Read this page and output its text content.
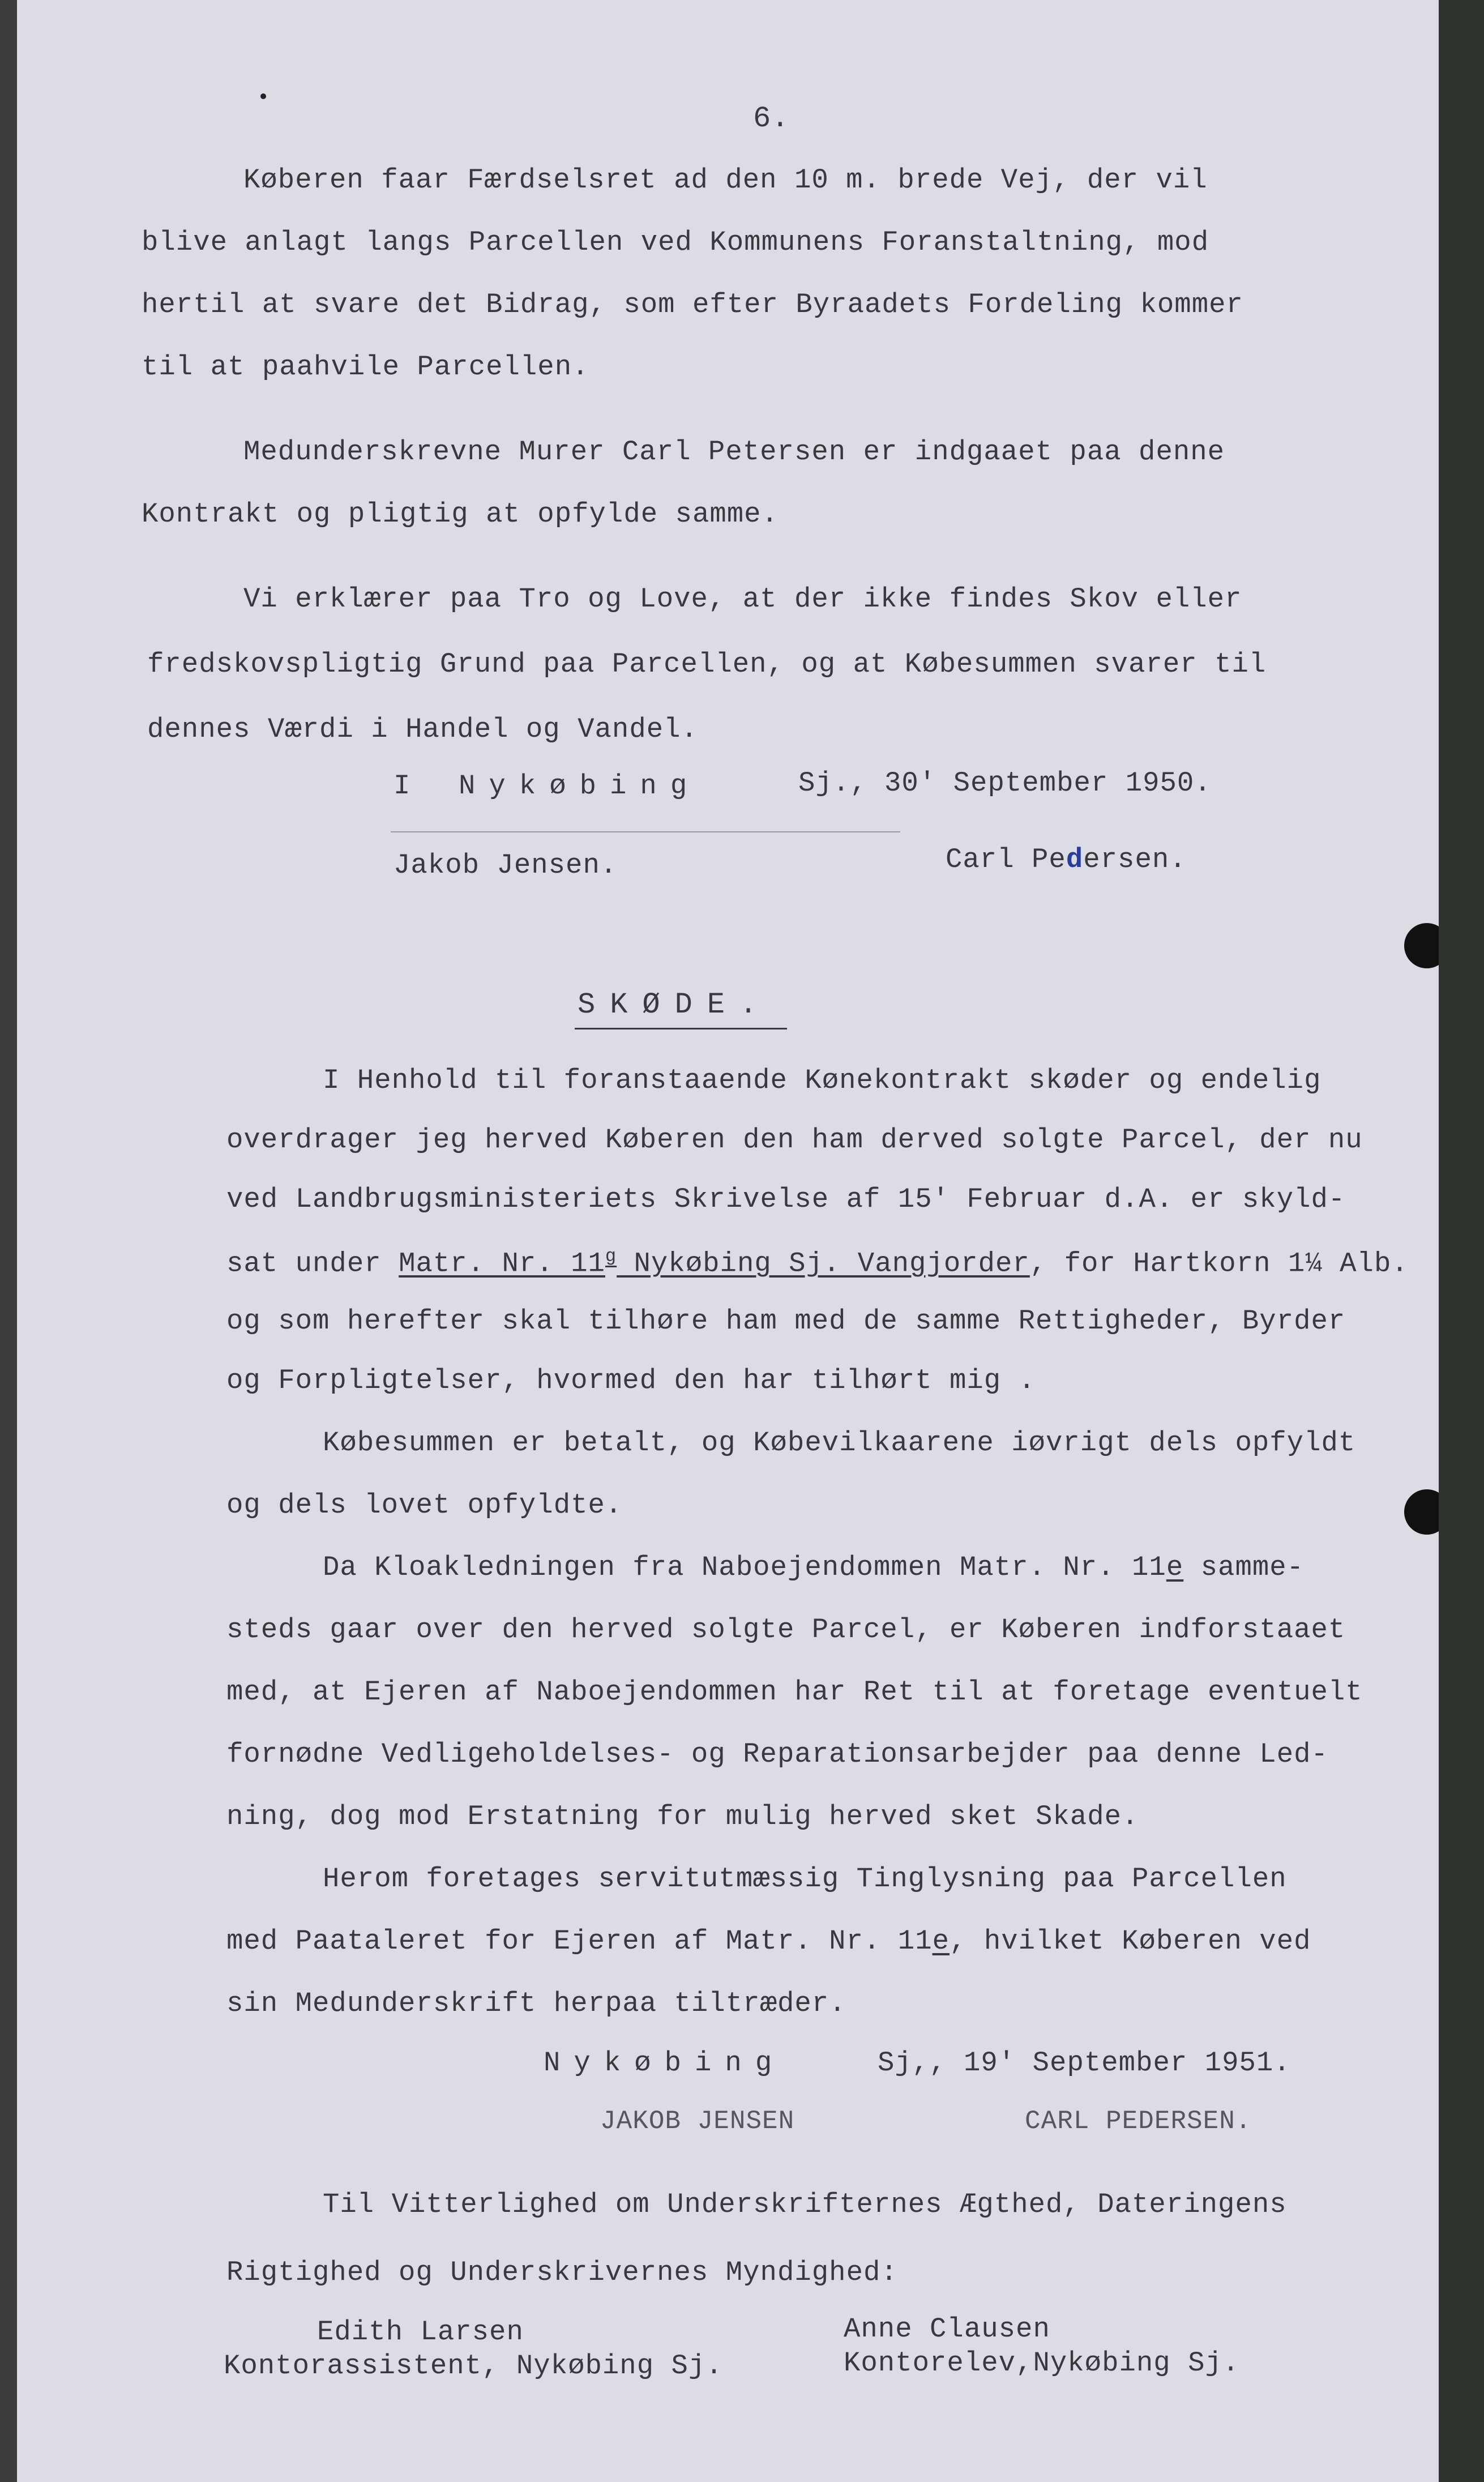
6.
Køberen faar Færdselsret ad den 10 m. brede Vej, der vil
blive anlagt langs Parcellen ved Kommunens Foranstaltning, mod
hertil at svare det Bidrag, som efter Byraadets Fordeling kommer
til at paahvile Parcellen.
Medunderskrevne Murer Carl Petersen er indgaaet paa denne
Kontrakt og pligtig at opfylde samme.
Vi erklærer paa Tro og Love, at der ikke findes Skov eller
fredskovspligtig Grund paa Parcellen, og at Købesummen svarer til
dennes Værdi i Handel og Vandel.
I Nykøbing	Sj., 30' September 1950.
Jakob Jensen.	Carl Pedersen.
SKØDE.
I Henhold til foranstaaende Kønekontrakt skøder og endelig
overdrager jeg herved Køberen den ham derved solgte Parcel, der nu
ved Landbrugsministeriets Skrivelse af 15' Februar d.A. er skyld-
sat under Matr. Nr. 11$^g$ Nykøbing Sj. Vangjorder, for Hartkorn 1¼ Alb.
og som herefter skal tilhøre ham med de samme Rettigheder, Byrder
og Forpligtelser, hvormed den har tilhørt mig .
Købesummen er betalt, og Købevilkaarene iøvrigt dels opfyldt
og dels lovet opfyldte.
Da Kloakledningen fra Naboejendommen Matr. Nr. 11e samme-
steds gaar over den herved solgte Parcel, er Køberen indforstaaet
med, at Ejeren af Naboejendommen har Ret til at foretage eventuelt
fornødne Vedligeholdelses- og Reparationsarbejder paa denne Led-
ning, dog mod Erstatning for mulig herved sket Skade.
Herom foretages servitutmæssig Tinglysning paa Parcellen
med Paataleret for Ejeren af Matr. Nr. 11e, hvilket Køberen ved
sin Medunderskrift herpaa tiltræder.
Nykøbing	Sj,, 19' September 1951.
JAKOB JENSEN	CARL PEDERSEN.
Til Vitterlighed om Underskrifternes Ægthed, Dateringens
Rigtighed og Underskrivernes Myndighed:
Edith Larsen
Kontorassistent, Nykøbing Sj.
Anne Clausen
Kontorelev,Nykøbing Sj.
